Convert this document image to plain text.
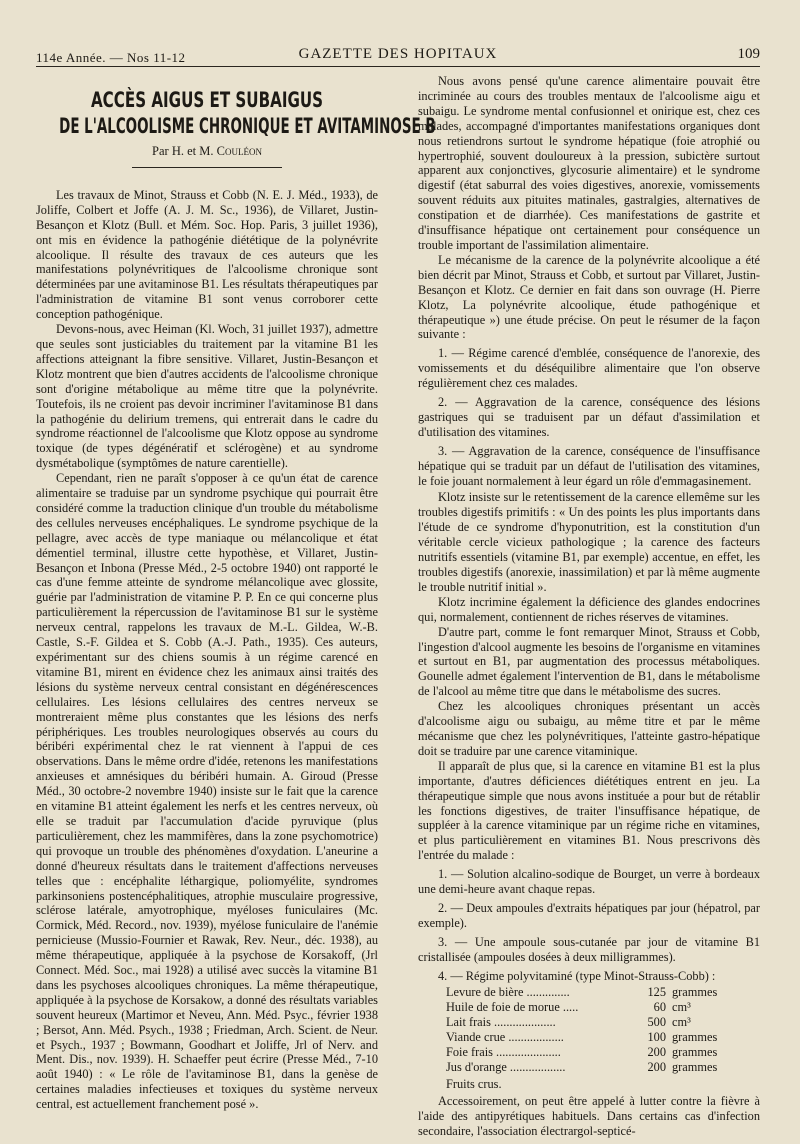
114e Année. — Nos 11-12	GAZETTE DES HOPITAUX	109
ACCÈS AIGUS ET SUBAIGUS
DE L'ALCOOLISME CHRONIQUE ET AVITAMINOSE B
Par H. et M. Couléon

Les travaux de Minot, Strauss et Cobb (N. E. J. Méd., 1933), de Joliffe, Colbert et Joffe (A. J. M. Sc., 1936), de Villaret, Justin-Besançon et Klotz (Bull. et Mém. Soc. Hop. Paris, 3 juillet 1936), ont mis en évidence la pathogénie diététique de la polynévrite alcoolique. Il résulte des travaux de ces auteurs que les manifestations polynévritiques de l'alcoolisme chronique sont déterminées par une avitaminose B1. Les résultats thérapeutiques par l'administration de vitamine B1 sont venus corroborer cette conception pathogénique.

Devons-nous, avec Heiman (Kl. Woch, 31 juillet 1937), admettre que seules sont justiciables du traitement par la vitamine B1 les affections atteignant la fibre sensitive. Villaret, Justin-Besançon et Klotz montrent que bien d'autres accidents de l'alcoolisme chronique sont d'origine métabolique au même titre que la polynévrite. Toutefois, ils ne croient pas devoir incriminer l'avitaminose B1 dans la pathogénie du delirium tremens, qui entrerait dans le cadre du syndrome réactionnel de l'alcoolisme que Klotz oppose au syndrome toxique (de types dégénératif et sclérogène) et au syndrome dysmétabolique (symptômes de nature carentielle).

Cependant, rien ne paraît s'opposer à ce qu'un état de carence alimentaire se traduise par un syndrome psychique qui pourrait être considéré comme la traduction clinique d'un trouble du métabolisme des cellules nerveuses encéphaliques. Le syndrome psychique de la pellagre, avec accès de type maniaque ou mélancolique et état démentiel terminal, illustre cette hypothèse, et Villaret, Justin-Besançon et Inbona (Presse Méd., 2-5 octobre 1940) ont rapporté le cas d'une femme atteinte de syndrome mélancolique avec glossite, guérie par l'administration de vitamine P. P. En ce qui concerne plus particulièrement la répercussion de l'avitaminose B1 sur le système nerveux central, rappelons les travaux de M.-L. Gildea, W.-B. Castle, S.-F. Gildea et S. Cobb (A.-J. Path., 1935). Ces auteurs, expérimentant sur des chiens soumis à un régime carencé en vitamine B1, mirent en évidence chez les animaux ainsi traités des lésions du système nerveux central consistant en dégénérescences cellulaires. Les lésions cellulaires des centres nerveux se montreraient même plus constantes que les lésions des nerfs périphériques. Les troubles neurologiques observés au cours du béribéri expérimental chez le rat viennent à l'appui de ces observations. Dans le même ordre d'idée, retenons les manifestations anxieuses et amnésiques du béribéri humain. A. Giroud (Presse Méd., 30 octobre-2 novembre 1940) insiste sur le fait que la carence en vitamine B1 atteint également les nerfs et les centres nerveux, où elle se traduit par l'accumulation d'acide pyruvique (plus particulièrement, chez les mammifères, dans la zone psychomotrice) qui provoque un trouble des phénomènes d'oxydation. L'aneurine a donné d'heureux résultats dans le traitement d'affections nerveuses telles que : encéphalite léthargique, poliomyélite, syndromes parkinsoniens postencéphalitiques, atrophie musculaire progressive, sclérose latérale, amyotrophique, myéloses funiculaires (Mc. Cormick, Méd. Record., nov. 1939), myélose funiculaire de l'anémie pernicieuse (Mussio-Fournier et Rawak, Rev. Neur., déc. 1938), au même thérapeutique, appliquée à la psychose de Korsakoff, (Jrl Connect. Méd. Soc., mai 1928) a utilisé avec succès la vitamine B1 dans les psychoses alcooliques chroniques. La même thérapeutique, appliquée à la psychose de Korsakow, a donné des résultats variables souvent heureux (Martimor et Neveu, Ann. Méd. Psyc., février 1938 ; Bersot, Ann. Méd. Psych., 1938 ; Friedman, Arch. Scient. de Neur. et Psych., 1937 ; Bowmann, Goodhart et Joliffe, Jrl of Nerv. and Ment. Dis., nov. 1939). H. Schaeffer peut écrire (Presse Méd., 7-10 août 1940) : « Le rôle de l'avitaminose B1, dans la genèse de certaines maladies infectieuses et toxiques du système nerveux central, est actuellement franchement posé ».

Nous avons pensé qu'une carence alimentaire pouvait être incriminée au cours des troubles mentaux de l'alcoolisme aigu et subaigu. Le syndrome mental confusionnel et onirique est, chez ces malades, accompagné d'importantes manifestations organiques dont nous retiendrons surtout le syndrome hépatique (foie atrophié ou hypertrophié, souvent douloureux à la pression, subictère surtout apparent aux conjonctives, glycosurie alimentaire) et le syndrome digestif (état saburral des voies digestives, anorexie, vomissements souvent réduits aux pituites matinales, gastralgies, alternatives de constipation et de diarrhée). Ces manifestations de gastrite et d'insuffisance hépatique ont certainement pour conséquence un trouble important de l'assimilation alimentaire.

Le mécanisme de la carence de la polynévrite alcoolique a été bien décrit par Minot, Strauss et Cobb, et surtout par Villaret, Justin-Besançon et Klotz. Ce dernier en fait dans son ouvrage (H. Pierre Klotz, La polynévrite alcoolique, étude pathogénique et thérapeutique ») une étude précise. On peut le résumer de la façon suivante :

1. — Régime carencé d'emblée, conséquence de l'anorexie, des vomissements et du déséquilibre alimentaire que l'on observe régulièrement chez ces malades.

2. — Aggravation de la carence, conséquence des lésions gastriques qui se traduisent par un défaut d'assimilation et d'utilisation des vitamines.

3. — Aggravation de la carence, conséquence de l'insuffisance hépatique qui se traduit par un défaut de l'utilisation des vitamines, le foie jouant normalement à leur égard un rôle d'emmagasinement.

Klotz insiste sur le retentissement de la carence ellemême sur les troubles digestifs primitifs : « Un des points les plus importants dans l'étude de ce syndrome d'hyponutrition, est la constitution d'un véritable cercle vicieux pathologique ; la carence des facteurs nutritifs essentiels (vitamine B1, par exemple) accentue, en effet, les troubles digestifs (anorexie, inassimilation) et par là même augmente le trouble nutritif initial ».

Klotz incrimine également la déficience des glandes endocrines qui, normalement, contiennent de riches réserves de vitamines.

D'autre part, comme le font remarquer Minot, Strauss et Cobb, l'ingestion d'alcool augmente les besoins de l'organisme en vitamines et surtout en B1, par augmentation des processus métaboliques. Gounelle admet également l'intervention de B1, dans le métabolisme de l'alcool au même titre que dans le métabolisme des sucres.

Chez les alcooliques chroniques présentant un accès d'alcoolisme aigu ou subaigu, au même titre et par le même mécanisme que chez les polynévritiques, l'atteinte gastro-hépatique doit se traduire par une carence vitaminique.

Il apparaît de plus que, si la carence en vitamine B1 est la plus importante, d'autres déficiences diététiques entrent en jeu. La thérapeutique simple que nous avons instituée a pour but de rétablir les fonctions digestives, de traiter l'insuffisance hépatique, de suppléer à la carence vitaminique par un régime riche en vitamines, et plus particulièrement en vitamines B1. Nous prescrivons dès l'entrée du malade :

1. — Solution alcalino-sodique de Bourget, un verre à bordeaux une demi-heure avant chaque repas.

2. — Deux ampoules d'extraits hépatiques par jour (hépatrol, par exemple).

3. — Une ampoule sous-cutanée par jour de vitamine B1 cristallisée (ampoules dosées à deux milligrammes).

4. — Régime polyvitaminé (type Minot-Strauss-Cobb) :

Levure de bière ..............	125	grammes
Huile de foie de morue .....	60	cm³
Lait frais ....................	500	cm³
Viande crue ..................	100	grammes
Foie frais .....................	200	grammes
Jus d'orange ..................	200	grammes
Fruits crus.

Accessoirement, on peut être appelé à lutter contre la fièvre à l'aide des antipyrétiques habituels. Dans certains cas d'infection secondaire, l'association électrargol-septicé-
